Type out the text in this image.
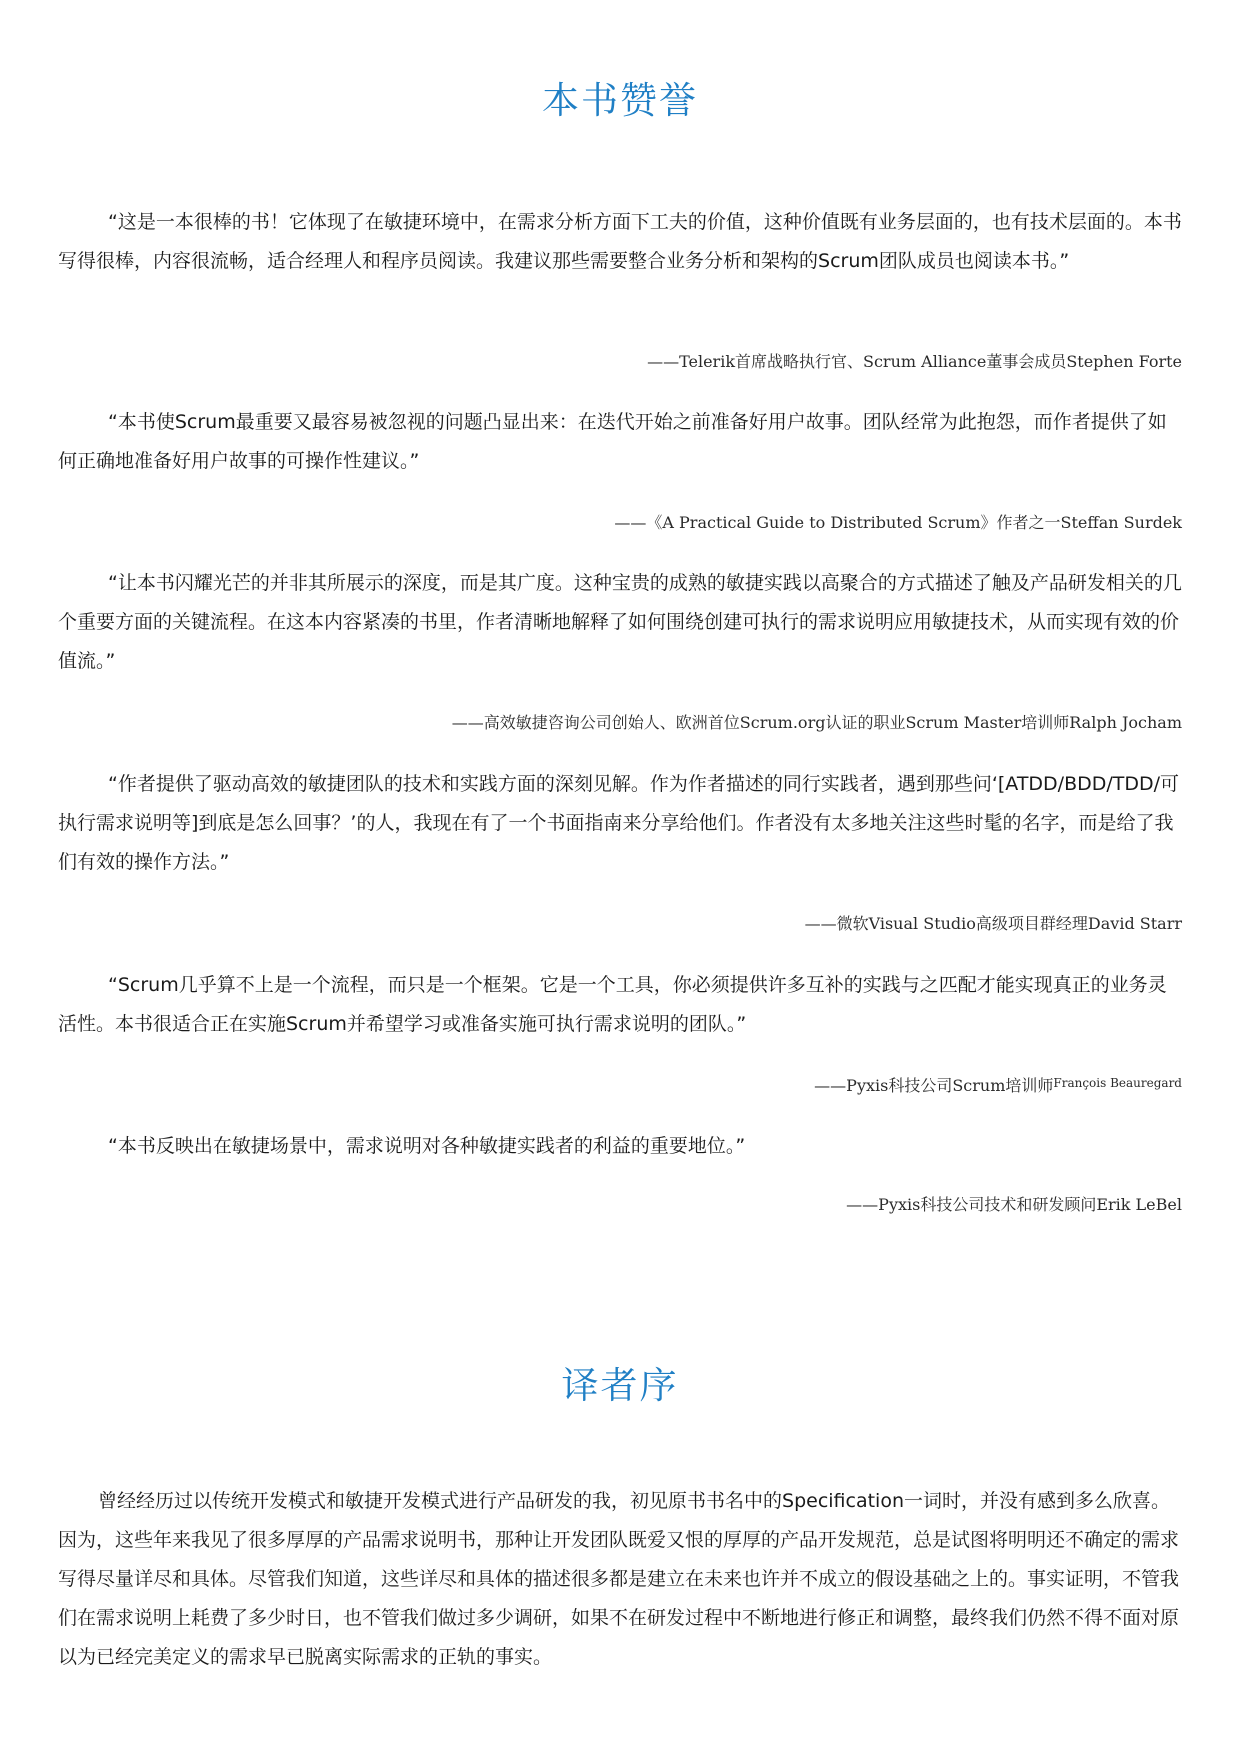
本书赞誉

“这是一本很棒的书！它体现了在敏捷环境中，在需求分析方面下工夫的价值，这种价值既有业务层面的，也有技术层面的。本书写得很棒，内容很流畅，适合经理人和程序员阅读。我建议那些需要整合业务分析和架构的Scrum团队成员也阅读本书。”

——Telerik首席战略执行官、Scrum Alliance董事会成员Stephen Forte

“本书使Scrum最重要又最容易被忽视的问题凸显出来：在迭代开始之前准备好用户故事。团队经常为此抱怨，而作者提供了如何正确地准备好用户故事的可操作性建议。”

——《A Practical Guide to Distributed Scrum》作者之一Steffan Surdek

“让本书闪耀光芒的并非其所展示的深度，而是其广度。这种宝贵的成熟的敏捷实践以高聚合的方式描述了触及产品研发相关的几个重要方面的关键流程。在这本内容紧凑的书里，作者清晰地解释了如何围绕创建可执行的需求说明应用敏捷技术，从而实现有效的价值流。”

——高效敏捷咨询公司创始人、欧洲首位Scrum.org认证的职业Scrum Master培训师Ralph Jocham

“作者提供了驱动高效的敏捷团队的技术和实践方面的深刻见解。作为作者描述的同行实践者，遇到那些问‘[ATDD/BDD/TDD/可执行需求说明等]到底是怎么回事？’的人，我现在有了一个书面指南来分享给他们。作者没有太多地关注这些时髦的名字，而是给了我们有效的操作方法。”

——微软Visual Studio高级项目群经理David Starr

“Scrum几乎算不上是一个流程，而只是一个框架。它是一个工具，你必须提供许多互补的实践与之匹配才能实现真正的业务灵活性。本书很适合正在实施Scrum并希望学习或准备实施可执行需求说明的团队。”

——Pyxis科技公司Scrum培训师$^{François Beauregard}$

“本书反映出在敏捷场景中，需求说明对各种敏捷实践者的利益的重要地位。”

——Pyxis科技公司技术和研发顾问Erik LeBel

译者序

曾经经历过以传统开发模式和敏捷开发模式进行产品研发的我，初见原书书名中的Specification一词时，并没有感到多么欣喜。因为，这些年来我见了很多厚厚的产品需求说明书，那种让开发团队既爱又恨的厚厚的产品开发规范，总是试图将明明还不确定的需求写得尽量详尽和具体。尽管我们知道，这些详尽和具体的描述很多都是建立在未来也许并不成立的假设基础之上的。事实证明，不管我们在需求说明上耗费了多少时日，也不管我们做过多少调研，如果不在研发过程中不断地进行修正和调整，最终我们仍然不得不面对原以为已经完美定义的需求早已脱离实际需求的正轨的事实。
